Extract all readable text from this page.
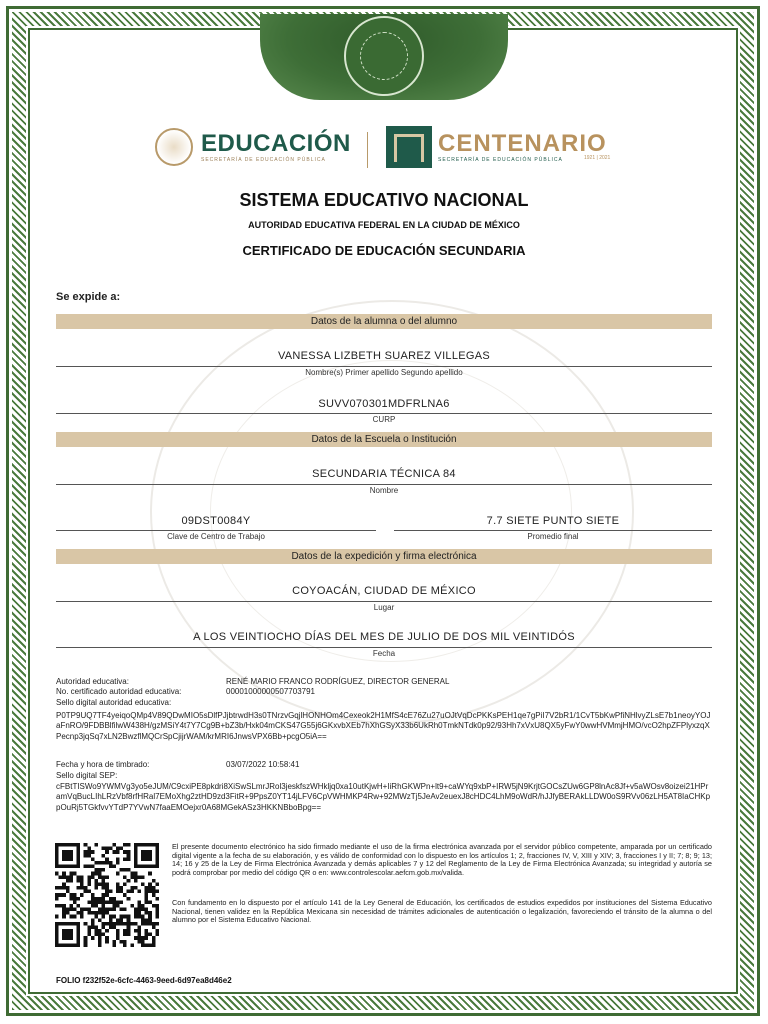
EDUCACIÓN
SECRETARÍA DE EDUCACIÓN PÚBLICA
CENTENARIO
SECRETARÍA DE EDUCACIÓN PÚBLICA	1921 | 2021
SISTEMA EDUCATIVO NACIONAL
AUTORIDAD EDUCATIVA FEDERAL EN LA CIUDAD DE MÉXICO
CERTIFICADO DE EDUCACIÓN SECUNDARIA
Se expide a:
Datos de la alumna o del alumno
VANESSA LIZBETH SUAREZ VILLEGAS
Nombre(s) Primer apellido Segundo apellido
SUVV070301MDFRLNA6
CURP
Datos de la Escuela o Institución
SECUNDARIA TÉCNICA 84
Nombre
09DST0084Y
Clave de Centro de Trabajo
7.7 SIETE PUNTO SIETE
Promedio final
Datos de la expedición y firma electrónica
COYOACÁN, CIUDAD DE MÉXICO
Lugar
A LOS VEINTIOCHO DÍAS DEL MES DE JULIO DE DOS MIL VEINTIDÓS
Fecha
Autoridad educativa:	RENÉ MARIO FRANCO RODRÍGUEZ, DIRECTOR GENERAL
No. certificado autoridad educativa:	00001000000507703791
Sello digital autoridad educativa:
P0TP9UQ7TF4yeiqoQMp4V89QDwMIO5sDlfPJjbtrwdH3s0TNrzvGqjlHONHOm4Cexeok2H1MfS4cE76Zu27uOJtVqDcPKKsPEH1qe7gPiI7V2bR1/1CvT5bKwPfiNHlvyZLsE7b1neoyYOJaFnRO/9FDBBlfilwW438H/gzMSiY4t7Y7Cg9B+bZ3b/Hxk04mCKS47G55j6GKxvbXEb7hXhGSyX33b6UkRh0TmkNTdk0p92/93Hh7xVxU8QX5yFwY0wwHVMmjHMO/vcO2hpZFPlyxzqXPecnp3jqSq7xLN2BwzflMQCrSpCjijrWAM/krMRI6JnwsVPX6Bb+pcgO5iA==
Fecha y hora de timbrado:	03/07/2022 10:58:41
Sello digital SEP:
cFBtTISWo9YWMVg3yo5eJUM/C9cxiPE8pkdri8XiSwSLmrJRol3jeskfszWHkljq0xa10utKjwH+IiRhGKWPn+lt9+caWYq9xbP+IRW5jN9KrjtGOCsZUw6GP8lnAc8Jf+v5aWOsv8oizei21HPramVqBucLIhLRzVbf8rfHRal7EMoXhg2ztHD9zd3FitR+9PpsZ0YT14jLFV6CpVWHMKP4Rw+92MWzTj5JeAv2euexJ8cHDC4LhM9oWdR/hJJfyBERAkLLDW0oS9RVv06zLH5AT8IaCHKppOuRj5TGkfvvYTdP7YVwN7faaEMOejxr0A68MGekASz3HKKNBboBpg==
El presente documento electrónico ha sido firmado mediante el uso de la firma electrónica avanzada por el servidor público competente, amparada por un certificado digital vigente a la fecha de su elaboración, y es válido de conformidad con lo dispuesto en los artículos 1; 2, fracciones IV, V, XIII y XIV; 3, fracciones I y II; 7; 8; 9; 13; 14; 16 y 25 de la Ley de Firma Electrónica Avanzada y demás aplicables 7 y 12 del Reglamento de la Ley de Firma Electrónica Avanzada; su integridad y autoría se podrá comprobar por medio del código QR o en: www.controlescolar.aefcm.gob.mx/valida.
Con fundamento en lo dispuesto por el artículo 141 de la Ley General de Educación, los certificados de estudios expedidos por instituciones del Sistema Educativo Nacional, tienen validez en la República Mexicana sin necesidad de trámites adicionales de autenticación o legalización, favoreciendo el tránsito de la alumna o del alumno por el Sistema Educativo Nacional.
FOLIO f232f52e-6cfc-4463-9eed-6d97ea8d46e2
